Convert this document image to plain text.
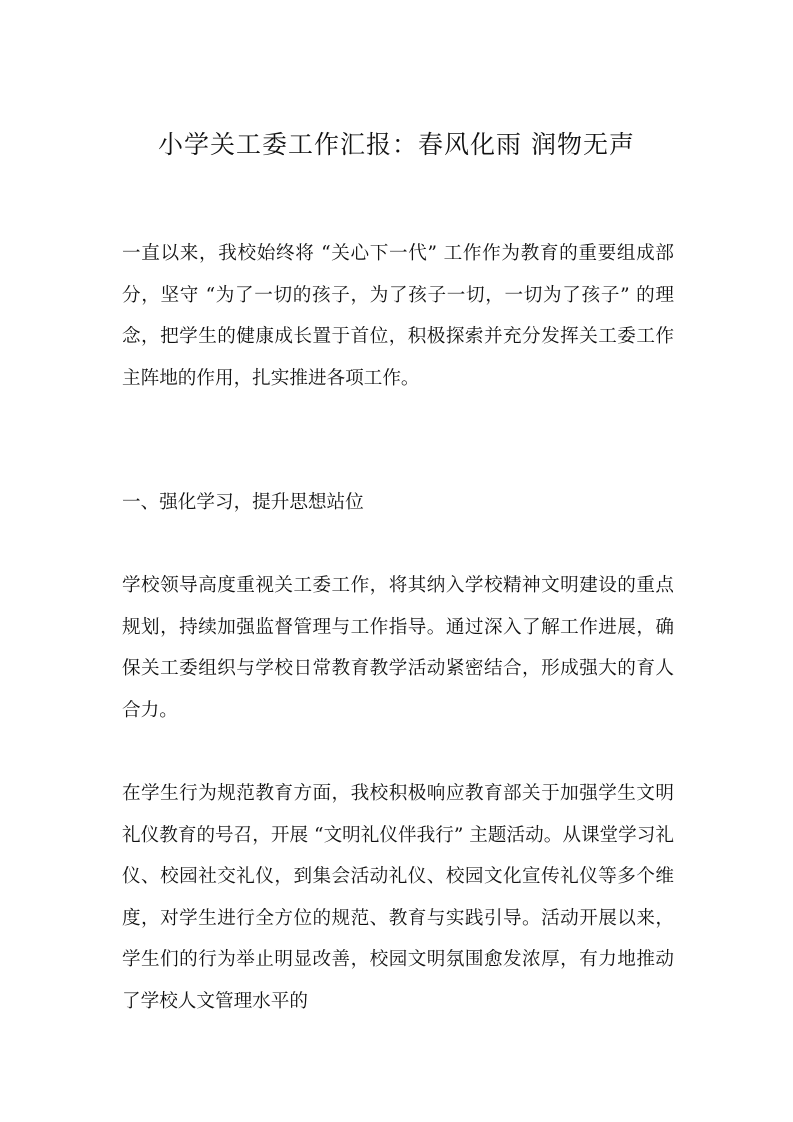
小学关工委工作汇报：春风化雨 润物无声

一直以来，我校始终将 “关心下一代” 工作作为教育的重要组成部分，坚守 “为了一切的孩子，为了孩子一切，一切为了孩子” 的理念，把学生的健康成长置于首位，积极探索并充分发挥关工委工作主阵地的作用，扎实推进各项工作。

一、强化学习，提升思想站位

学校领导高度重视关工委工作，将其纳入学校精神文明建设的重点规划，持续加强监督管理与工作指导。通过深入了解工作进展，确保关工委组织与学校日常教育教学活动紧密结合，形成强大的育人合力。

在学生行为规范教育方面，我校积极响应教育部关于加强学生文明礼仪教育的号召，开展 “文明礼仪伴我行” 主题活动。从课堂学习礼仪、校园社交礼仪，到集会活动礼仪、校园文化宣传礼仪等多个维度，对学生进行全方位的规范、教育与实践引导。活动开展以来，学生们的行为举止明显改善，校园文明氛围愈发浓厚，有力地推动了学校人文管理水平的
